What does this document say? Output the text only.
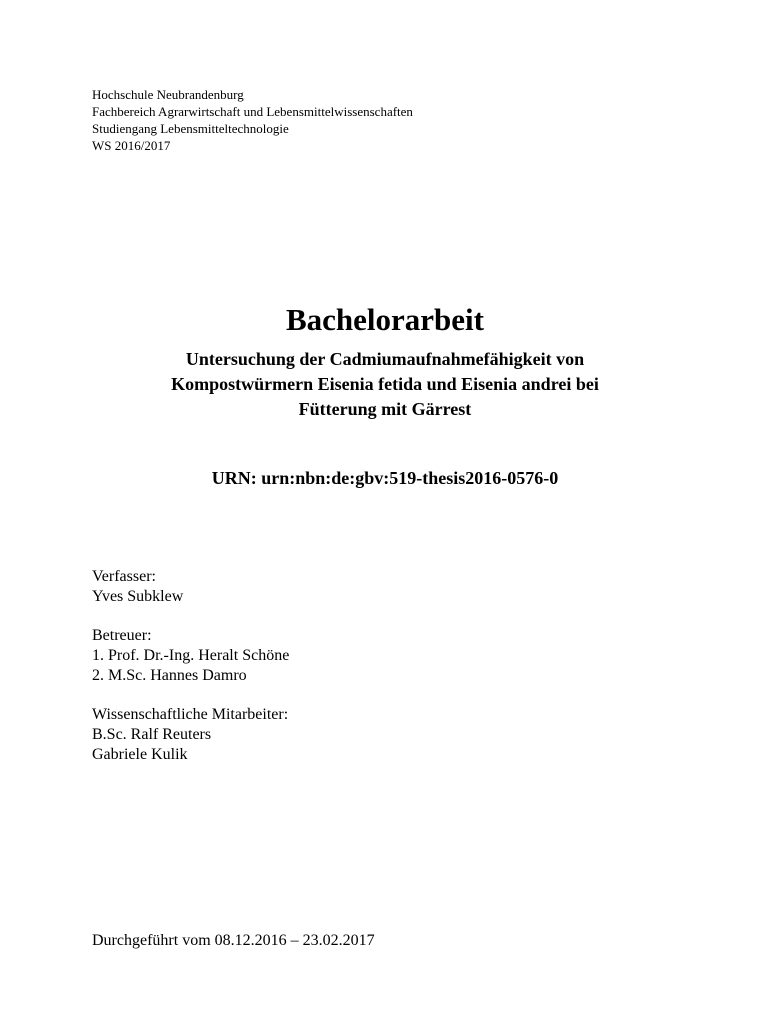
Hochschule Neubrandenburg
Fachbereich Agrarwirtschaft und Lebensmittelwissenschaften
Studiengang Lebensmitteltechnologie
WS 2016/2017
Bachelorarbeit
Untersuchung der Cadmiumaufnahmefähigkeit von
Kompostwürmern Eisenia fetida und Eisenia andrei bei
Fütterung mit Gärrest
URN: urn:nbn:de:gbv:519-thesis2016-0576-0
Verfasser:
Yves Subklew
Betreuer:
1. Prof. Dr.-Ing. Heralt Schöne
2. M.Sc. Hannes Damro
Wissenschaftliche Mitarbeiter:
B.Sc. Ralf Reuters
Gabriele Kulik
Durchgeführt vom 08.12.2016 – 23.02.2017
